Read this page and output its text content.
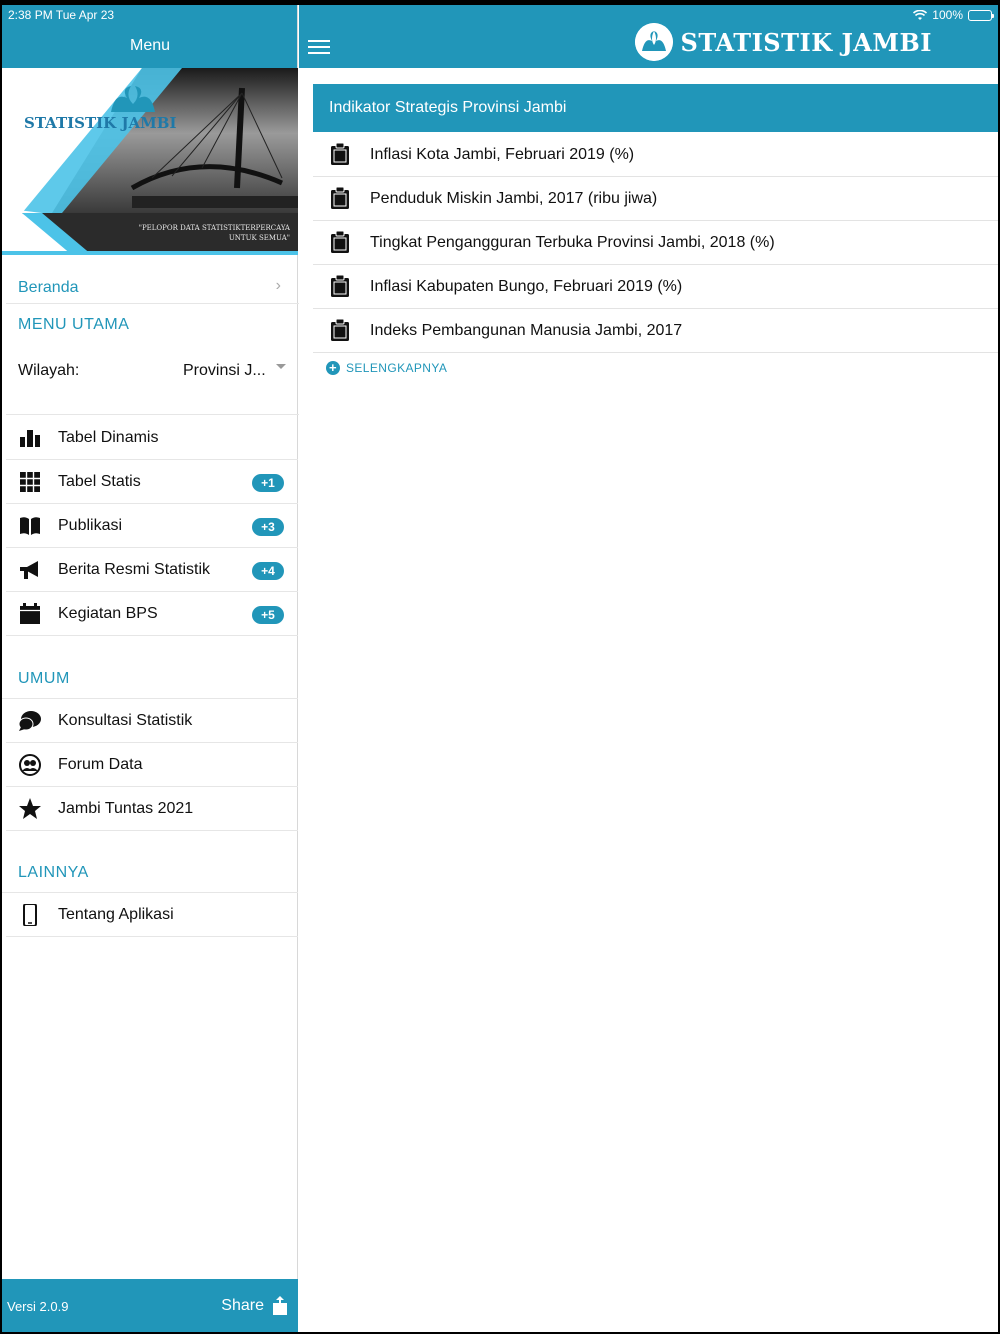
2:38 PM Tue Apr 23	100%
Menu
STATISTIK JAMBI
"PELOPOR DATA STATISTIKTERPERCAYA
UNTUK SEMUA"
Beranda	›
MENU UTAMA
Wilayah:	Provinsi J...
Tabel Dinamis
Tabel Statis	+1
Publikasi	+3
Berita Resmi Statistik	+4
Kegiatan BPS	+5
UMUM
Konsultasi Statistik
Forum Data
Jambi Tuntas 2021
LAINNYA
Tentang Aplikasi
Versi 2.0.9	Share
STATISTIK JAMBI
Indikator Strategis Provinsi Jambi
Inflasi Kota Jambi, Februari 2019 (%)
Penduduk Miskin Jambi, 2017 (ribu jiwa)
Tingkat Pengangguran Terbuka Provinsi Jambi, 2018 (%)
Inflasi Kabupaten Bungo, Februari 2019 (%)
Indeks Pembangunan Manusia Jambi, 2017
+ SELENGKAPNYA
